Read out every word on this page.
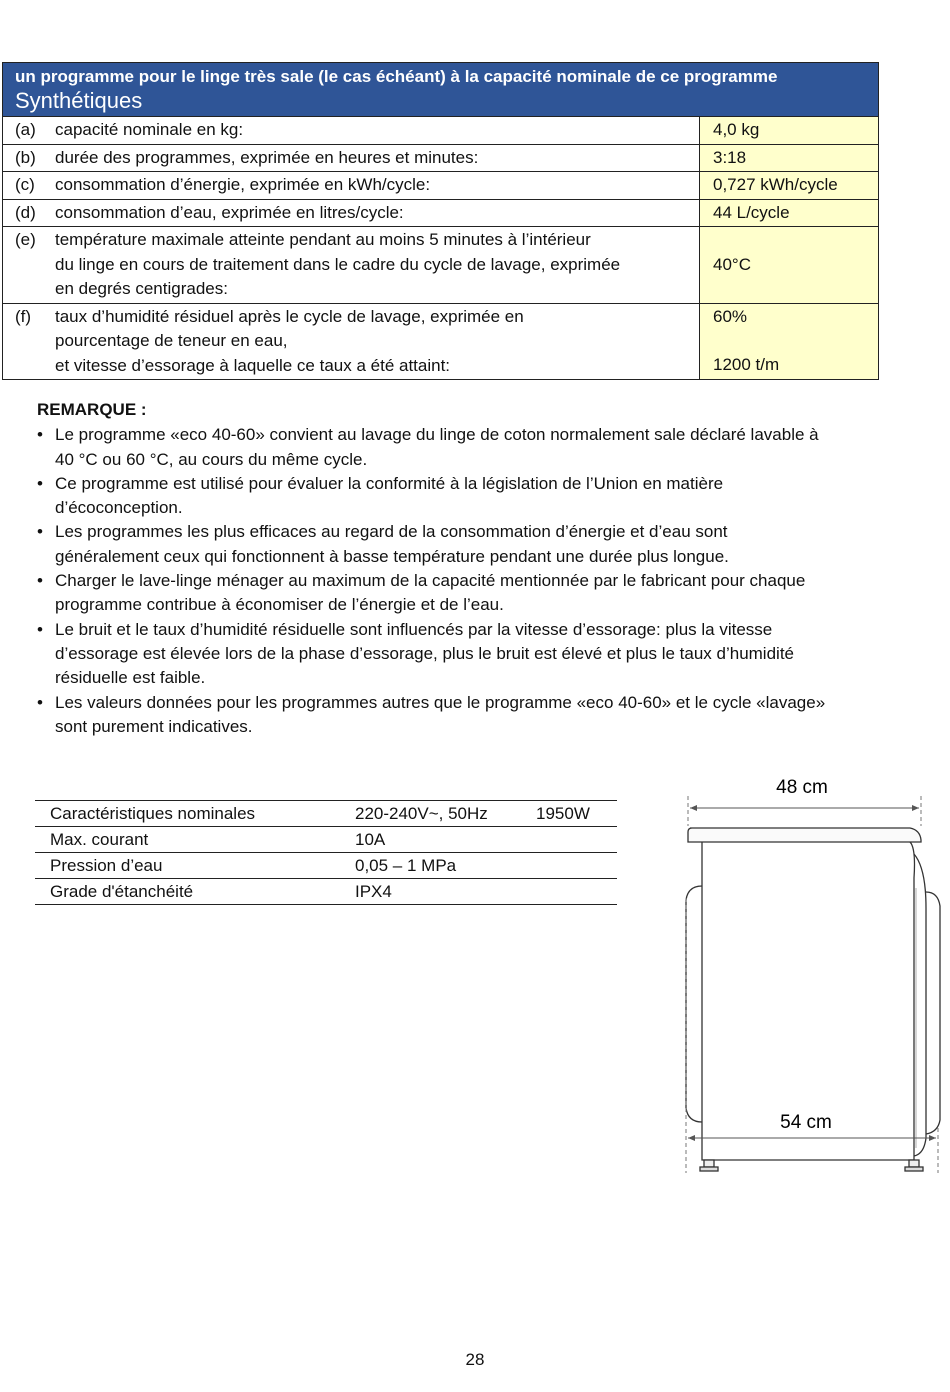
un programme pour le linge très sale (le cas échéant) à la capacité nominale de ce programme
Synthétiques	

(a) capacité nominale en kg:	4,0 kg

(b) durée des programmes, exprimée en heures et minutes:	3:18

(c) consommation d’énergie, exprimée en kWh/cycle:	0,727 kWh/cycle

(d) consommation d’eau, exprimée en litres/cycle:	44 L/cycle

(e) température maximale atteinte pendant au moins 5 minutes à l’intérieur
du linge en cours de traitement dans le cadre du cycle de lavage, exprimée
en degrés centigrades:	40°C

(f) taux d’humidité résiduel après le cycle de lavage, exprimée en
pourcentage de teneur en eau,
et vitesse d’essorage à laquelle ce taux a été attaint:	60%
1200 t/m
REMARQUE :
• Le programme «eco 40-60» convient au lavage du linge de coton normalement sale déclaré lavable à
40 °C ou 60 °C, au cours du même cycle.
• Ce programme est utilisé pour évaluer la conformité à la législation de l’Union en matière
d’écoconception.
• Les programmes les plus efficaces au regard de la consommation d’énergie et d’eau sont
généralement ceux qui fonctionnent à basse température pendant une durée plus longue.
• Charger le lave-linge ménager au maximum de la capacité mentionnée par le fabricant pour chaque
programme contribue à économiser de l’énergie et de l’eau.
• Le bruit et le taux d’humidité résiduelle sont influencés par la vitesse d’essorage: plus la vitesse
d’essorage est élevée lors de la phase d’essorage, plus le bruit est élevé et plus le taux d’humidité
résiduelle est faible.
• Les valeurs données pour les programmes autres que le programme «eco 40-60» et le cycle «lavage»
sont purement indicatives.
Caractéristiques nominales	220-240V~, 50Hz	1950W
Max. courant	10A	
Pression d’eau	0,05 – 1 MPa	
Grade d'étanchéité	IPX4	
48 cm
54 cm
28
